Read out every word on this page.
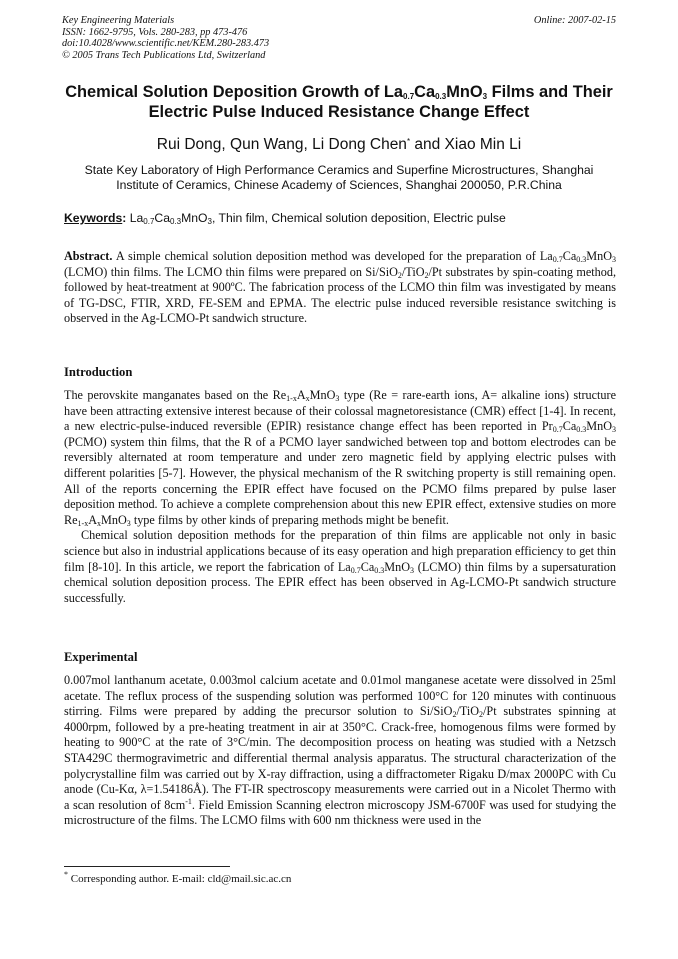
Key Engineering Materials
ISSN: 1662-9795, Vols. 280-283, pp 473-476
doi:10.4028/www.scientific.net/KEM.280-283.473
© 2005 Trans Tech Publications Ltd, Switzerland
Online: 2007-02-15
Chemical Solution Deposition Growth of $La_{0.7}Ca_{0.3}MnO_3$ Films and Their Electric Pulse Induced Resistance Change Effect
Rui Dong, Qun Wang, Li Dong Chen* and Xiao Min Li
State Key Laboratory of High Performance Ceramics and Superfine Microstructures, Shanghai
Institute of Ceramics, Chinese Academy of Sciences, Shanghai 200050, P.R.China
Keywords: $La_{0.7}Ca_{0.3}MnO_3$, Thin film, Chemical solution deposition, Electric pulse

Abstract. A simple chemical solution deposition method was developed for the preparation of $La_{0.7}Ca_{0.3}MnO_3$ (LCMO) thin films. The LCMO thin films were prepared on Si/SiO$_2$/TiO$_2$/Pt substrates by spin-coating method, followed by heat-treatment at 900ºC. The fabrication process of the LCMO thin film was investigated by means of TG-DSC, FTIR, XRD, FE-SEM and EPMA. The electric pulse induced reversible resistance switching is observed in the Ag-LCMO-Pt sandwich structure.

Introduction

The perovskite manganates based on the $Re_{1-x}A_xMnO_3$ type (Re = rare-earth ions, A= alkaline ions) structure have been attracting extensive interest because of their colossal magnetoresistance (CMR) effect [1-4]. In recent, a new electric-pulse-induced reversible (EPIR) resistance change effect has been reported in $Pr_{0.7}Ca_{0.3}MnO_3$ (PCMO) system thin films, that the R of a PCMO layer sandwiched between top and bottom electrodes can be reversibly alternated at room temperature and under zero magnetic field by applying electric pulses with different polarities [5-7]. However, the physical mechanism of the R switching property is still remaining open. All of the reports concerning the EPIR effect have focused on the PCMO films prepared by pulse laser deposition method. To achieve a complete comprehension about this new EPIR effect, extensive studies on more $Re_{1-x}A_xMnO_3$ type films by other kinds of preparing methods might be benefit.

Chemical solution deposition methods for the preparation of thin films are applicable not only in basic science but also in industrial applications because of its easy operation and high preparation efficiency to get thin film [8-10]. In this article, we report the fabrication of $La_{0.7}Ca_{0.3}MnO_3$ (LCMO) thin films by a supersaturation chemical solution deposition process. The EPIR effect has been observed in Ag-LCMO-Pt sandwich structure successfully.

Experimental

0.007mol lanthanum acetate, 0.003mol calcium acetate and 0.01mol manganese acetate were dissolved in 25ml acetate. The reflux process of the suspending solution was performed 100°C for 120 minutes with continuous stirring. Films were prepared by adding the precursor solution to Si/SiO$_2$/TiO$_2$/Pt substrates spinning at 4000rpm, followed by a pre-heating treatment in air at 350°C. Crack-free, homogenous films were formed by heating to 900°C at the rate of 3°C/min. The decomposition process on heating was studied with a Netzsch STA429C thermogravimetric and differential thermal analysis apparatus. The structural characterization of the polycrystalline film was carried out by X-ray diffraction, using a diffractometer Rigaku D/max 2000PC with Cu anode (Cu-Kα, λ=1.54186Å). The FT-IR spectroscopy measurements were carried out in a Nicolet Thermo with a scan resolution of $8cm^{-1}$. Field Emission Scanning electron microscopy JSM-6700F was used for studying the microstructure of the films. The LCMO films with 600 nm thickness were used in the

* Corresponding author. E-mail: cld@mail.sic.ac.cn
